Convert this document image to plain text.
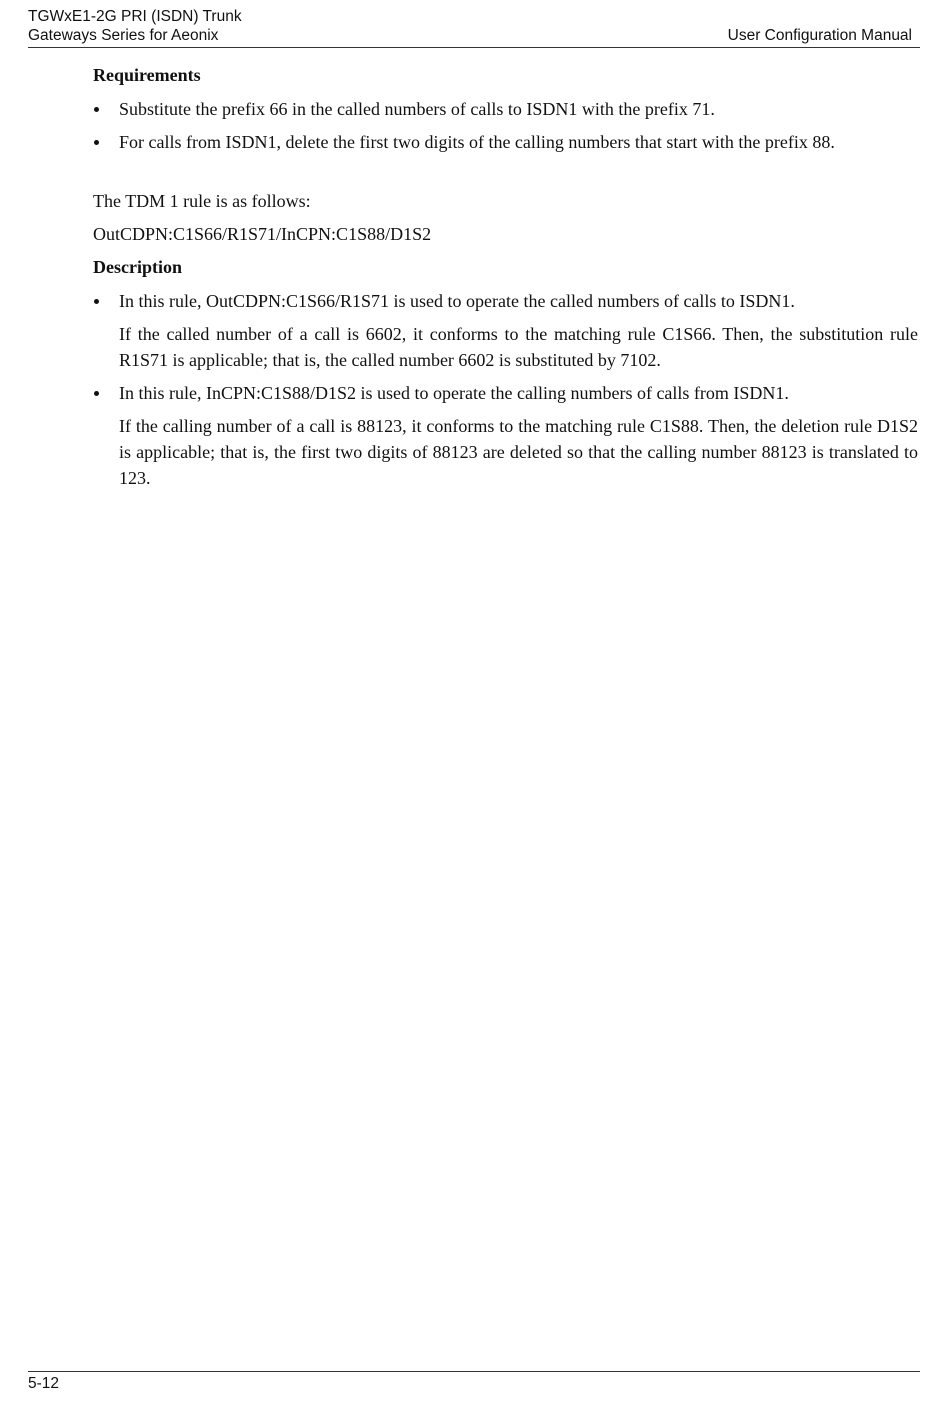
TGWxE1-2G PRI (ISDN) Trunk
Gateways Series for Aeonix	User Configuration Manual
Requirements
Substitute the prefix 66 in the called numbers of calls to ISDN1 with the prefix 71.
For calls from ISDN1, delete the first two digits of the calling numbers that start with the prefix 88.
The TDM 1 rule is as follows:
OutCDPN:C1S66/R1S71/InCPN:C1S88/D1S2
Description
In this rule, OutCDPN:C1S66/R1S71 is used to operate the called numbers of calls to ISDN1.
If the called number of a call is 6602, it conforms to the matching rule C1S66. Then, the substitution rule R1S71 is applicable; that is, the called number 6602 is substituted by 7102.
In this rule, InCPN:C1S88/D1S2 is used to operate the calling numbers of calls from ISDN1.
If the calling number of a call is 88123, it conforms to the matching rule C1S88. Then, the deletion rule D1S2 is applicable; that is, the first two digits of 88123 are deleted so that the calling number 88123 is translated to 123.
5-12
